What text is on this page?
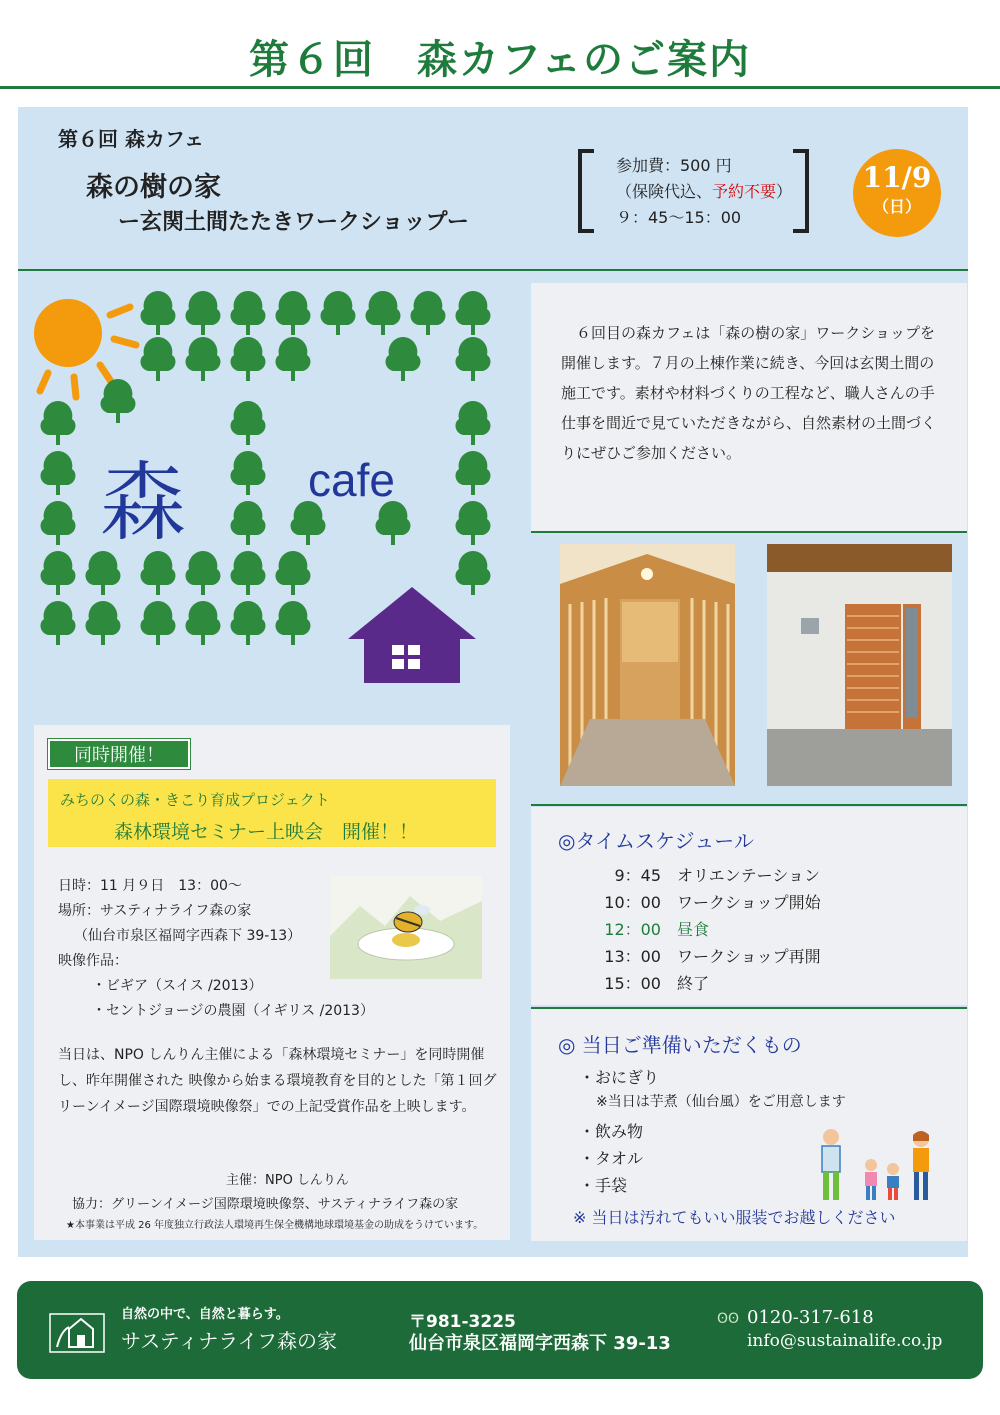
第６回　森カフェのご案内
第６回 森カフェ
森の樹の家
ー玄関土間たたきワークショップー
参加費：500 円
（保険代込、予約不要）
９：45〜15：00
11/9
（日）
森	cafe
６回目の森カフェは「森の樹の家」ワークショップを開催します。７月の上棟作業に続き、今回は玄関土間の施工です。素材や材料づくりの工程など、職人さんの手仕事を間近で見ていただきながら、自然素材の土間づくりにぜひご参加ください。
◎タイムスケジュール
9：45 オリエンテーション
10：00 ワークショップ開始
12：00 昼食
13：00 ワークショップ再開
15：00 終了
◎ 当日ご準備いただくもの
・おにぎり
※当日は芋煮（仙台風）をご用意します
・飲み物
・タオル
・手袋
※ 当日は汚れてもいい服装でお越しください
同時開催！
みちのくの森・きこり育成プロジェクト
森林環境セミナー上映会　開催！！
日時：11 月９日　13：00〜
場所：サスティナライフ森の家
（仙台市泉区福岡字西森下 39-13）
映像作品：
・ビギア（スイス /2013）
・セントジョージの農園（イギリス /2013）
当日は、NPO しんりん主催による「森林環境セミナー」を同時開催し、昨年開催された 映像から始まる環境教育を目的とした「第１回グリーンイメージ国際環境映像祭」での上記受賞作品を上映します。
主催：NPO しんりん
協力：グリーンイメージ国際環境映像祭、サスティナライフ森の家
★本事業は平成 26 年度独立行政法人環境再生保全機構地球環境基金の助成をうけています。
自然の中で、自然と暮らす。
サスティナライフ森の家
〒981-3225
仙台市泉区福岡字西森下 39-13
ʘʘ 0120-317-618
info@sustainalife.co.jp
